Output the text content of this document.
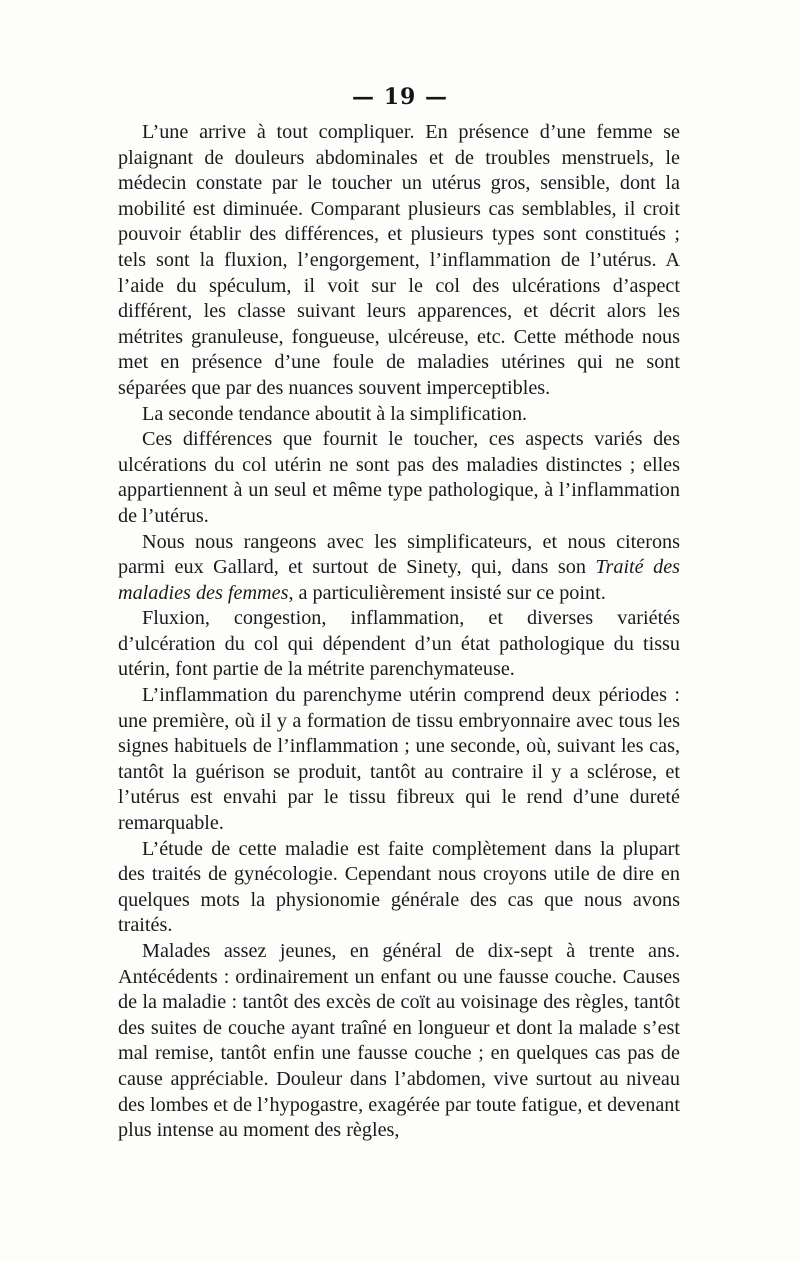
— 19 —

L’une arrive à tout compliquer. En présence d’une femme se plaignant de douleurs abdominales et de troubles menstruels, le médecin constate par le toucher un utérus gros, sensible, dont la mobilité est diminuée. Comparant plusieurs cas semblables, il croit pouvoir établir des différences, et plusieurs types sont constitués ; tels sont la fluxion, l’engorgement, l’inflammation de l’utérus. A l’aide du spéculum, il voit sur le col des ulcérations d’aspect différent, les classe suivant leurs apparences, et décrit alors les métrites granuleuse, fongueuse, ulcéreuse, etc. Cette méthode nous met en présence d’une foule de maladies utérines qui ne sont séparées que par des nuances souvent imperceptibles.

La seconde tendance aboutit à la simplification.

Ces différences que fournit le toucher, ces aspects variés des ulcérations du col utérin ne sont pas des maladies distinctes ; elles appartiennent à un seul et même type pathologique, à l’inflammation de l’utérus.

Nous nous rangeons avec les simplificateurs, et nous citerons parmi eux Gallard, et surtout de Sinety, qui, dans son Traité des maladies des femmes, a particulièrement insisté sur ce point.

Fluxion, congestion, inflammation, et diverses variétés d’ulcération du col qui dépendent d’un état pathologique du tissu utérin, font partie de la métrite parenchymateuse.

L’inflammation du parenchyme utérin comprend deux périodes : une première, où il y a formation de tissu embryonnaire avec tous les signes habituels de l’inflammation ; une seconde, où, suivant les cas, tantôt la guérison se produit, tantôt au contraire il y a sclérose, et l’utérus est envahi par le tissu fibreux qui le rend d’une dureté remarquable.

L’étude de cette maladie est faite complètement dans la plupart des traités de gynécologie. Cependant nous croyons utile de dire en quelques mots la physionomie générale des cas que nous avons traités.

Malades assez jeunes, en général de dix-sept à trente ans. Antécédents : ordinairement un enfant ou une fausse couche. Causes de la maladie : tantôt des excès de coït au voisinage des règles, tantôt des suites de couche ayant traîné en longueur et dont la malade s’est mal remise, tantôt enfin une fausse couche ; en quelques cas pas de cause appréciable. Douleur dans l’abdomen, vive surtout au niveau des lombes et de l’hypogastre, exagérée par toute fatigue, et devenant plus intense au moment des règles,
